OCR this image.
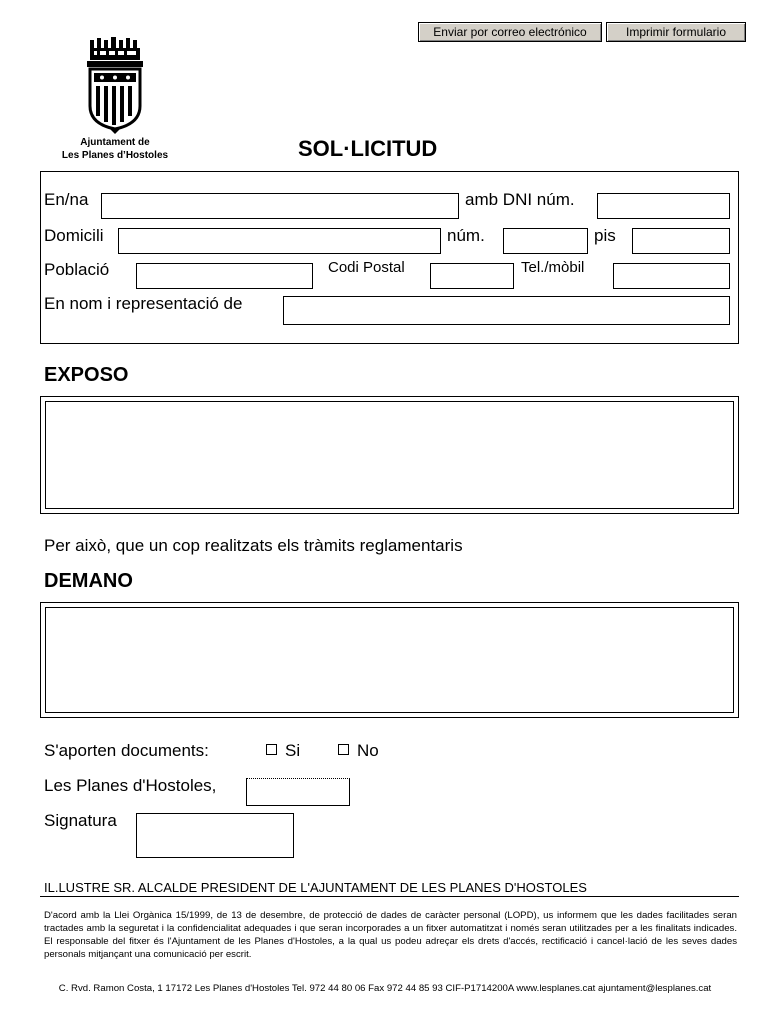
Enviar por correo electrónico	Imprimir formulario
Ajuntament de
Les Planes d’Hostoles	SOL·LICITUD
En/na	amb DNI núm.
Domicili	núm.	pis
Població	Codi Postal	Tel./mòbil
En nom i representació de
EXPOSO
Per això, que un cop realitzats els tràmits reglamentaris
DEMANO
S'aporten documents:	Si	No
Les Planes d'Hostoles,
Signatura
IL.LUSTRE SR. ALCALDE PRESIDENT DE L'AJUNTAMENT DE LES PLANES D'HOSTOLES
D'acord amb la Llei Orgànica 15/1999, de 13 de desembre, de protecció de dades de caràcter personal (LOPD), us informem que les dades facilitades seran tractades amb la seguretat i la confidencialitat adequades i que seran incorporades a un fitxer automatitzat i només seran utilitzades per a les finalitats indicades. El responsable del fitxer és l'Ajuntament de les Planes d'Hostoles, a la qual us podeu adreçar els drets d'accés, rectificació i cancel·lació de les seves dades personals mitjançant una comunicació per escrit.
C. Rvd. Ramon Costa, 1 17172 Les Planes d'Hostoles Tel. 972 44 80 06 Fax 972 44 85 93 CIF-P1714200A www.lesplanes.cat ajuntament@lesplanes.cat
